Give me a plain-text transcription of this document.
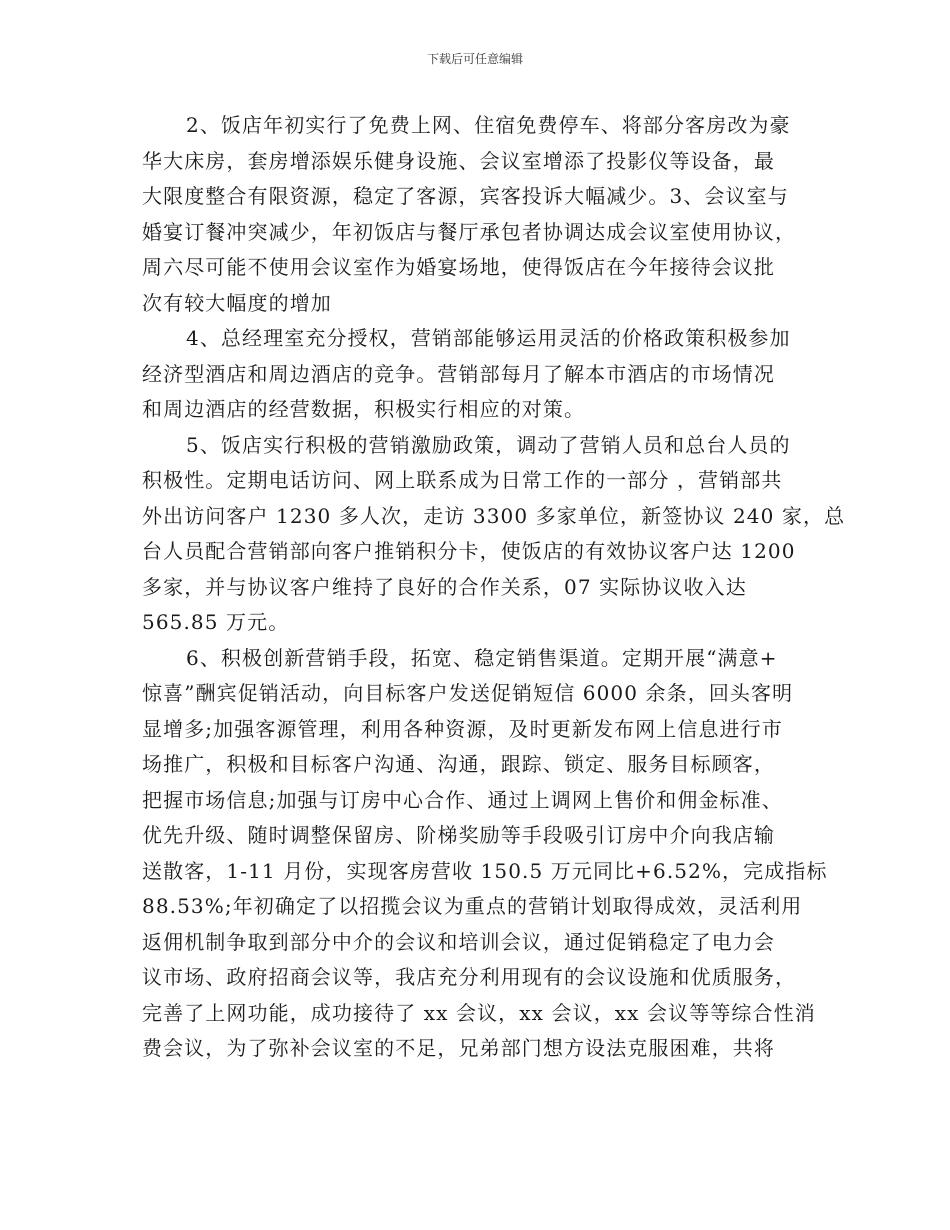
下载后可任意编辑
2、饭店年初实行了免费上网、住宿免费停车、将部分客房改为豪
华大床房，套房增添娱乐健身设施、会议室增添了投影仪等设备，最
大限度整合有限资源，稳定了客源，宾客投诉大幅减少。3、会议室与
婚宴订餐冲突减少，年初饭店与餐厅承包者协调达成会议室使用协议，
周六尽可能不使用会议室作为婚宴场地，使得饭店在今年接待会议批
次有较大幅度的增加
4、总经理室充分授权，营销部能够运用灵活的价格政策积极参加
经济型酒店和周边酒店的竞争。营销部每月了解本市酒店的市场情况
和周边酒店的经营数据，积极实行相应的对策。
5、饭店实行积极的营销激励政策，调动了营销人员和总台人员的
积极性。定期电话访问、网上联系成为日常工作的一部分 ，营销部共
外出访问客户 1230 多人次，走访 3300 多家单位，新签协议 240 家，总
台人员配合营销部向客户推销积分卡，使饭店的有效协议客户达 1200
多家，并与协议客户维持了良好的合作关系，07 实际协议收入达
565.85 万元。
6、积极创新营销手段，拓宽、稳定销售渠道。定期开展“满意+
惊喜”酬宾促销活动，向目标客户发送促销短信 6000 余条，回头客明
显增多;加强客源管理，利用各种资源，及时更新发布网上信息进行市
场推广，积极和目标客户沟通、沟通，跟踪、锁定、服务目标顾客，
把握市场信息;加强与订房中心合作、通过上调网上售价和佣金标准、
优先升级、随时调整保留房、阶梯奖励等手段吸引订房中介向我店输
送散客，1-11 月份，实现客房营收 150.5 万元同比+6.52%，完成指标
88.53%;年初确定了以招揽会议为重点的营销计划取得成效，灵活利用
返佣机制争取到部分中介的会议和培训会议，通过促销稳定了电力会
议市场、政府招商会议等，我店充分利用现有的会议设施和优质服务，
完善了上网功能，成功接待了 xx 会议，xx 会议，xx 会议等等综合性消
费会议，为了弥补会议室的不足，兄弟部门想方设法克服困难，共将
